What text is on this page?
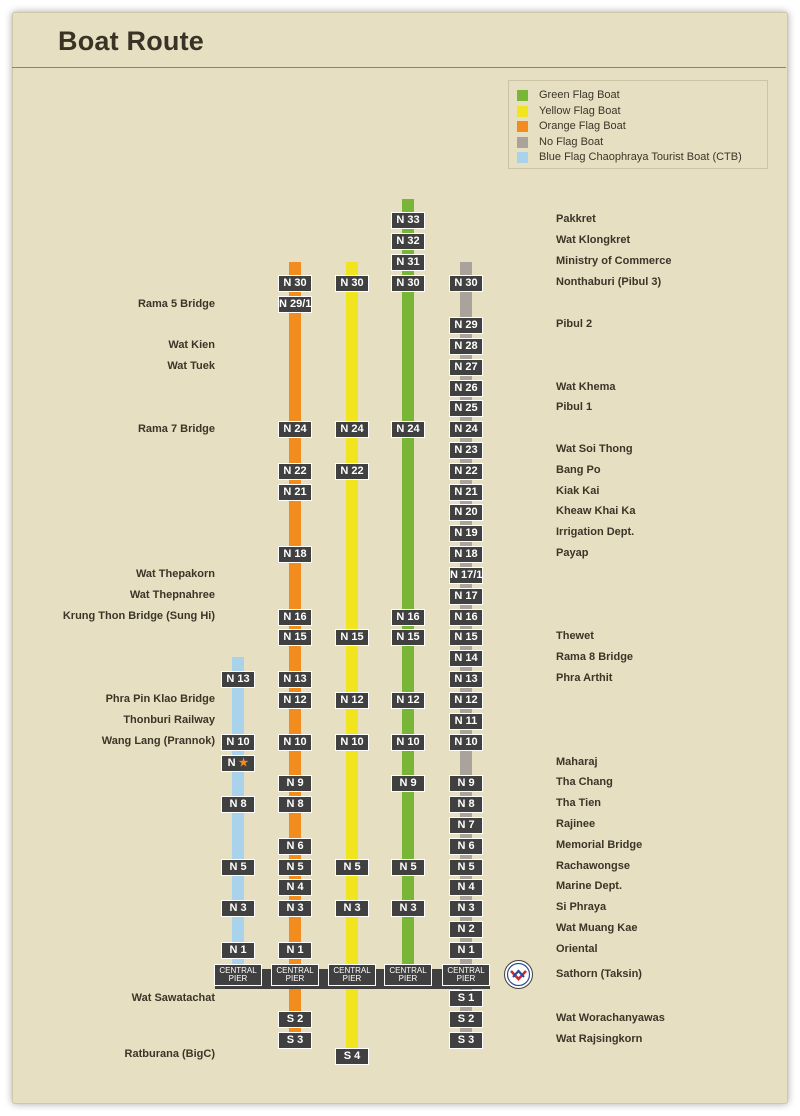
Boat Route
Green Flag Boat
Yellow Flag Boat
Orange Flag Boat
No Flag Boat
Blue Flag Chaophraya Tourist Boat (CTB)
N 13
N 10
N ★
N 8
N 5
N 3
N 1
CENTRAL
PIER
N 30
N 29/1
N 24
N 22
N 21
N 18
N 16
N 15
N 13
N 12
N 10
N 9
N 8
N 6
N 5
N 4
N 3
N 1
CENTRAL
PIER
S 2
S 3
N 30
N 24
N 22
N 15
N 12
N 10
N 5
N 3
CENTRAL
PIER
S 4
N 33
N 32
N 31
N 30
N 24
N 16
N 15
N 12
N 10
N 9
N 5
N 3
CENTRAL
PIER
N 30
N 29
N 28
N 27
N 26
N 25
N 24
N 23
N 22
N 21
N 20
N 19
N 18
N 17/1
N 17
N 16
N 15
N 14
N 13
N 12
N 11
N 10
N 9
N 8
N 7
N 6
N 5
N 4
N 3
N 2
N 1
CENTRAL
PIER
S 1
S 2
S 3
Rama 5 Bridge
Wat Kien
Wat Tuek
Rama 7 Bridge
Wat Thepakorn
Wat Thepnahree
Krung Thon Bridge (Sung Hi)
Phra Pin Klao Bridge
Thonburi Railway
Wang Lang (Prannok)
Wat Sawatachat
Ratburana (BigC)
Pakkret
Wat Klongkret
Ministry of Commerce
Nonthaburi (Pibul 3)
Pibul 2
Wat Khema
Pibul 1
Wat Soi Thong
Bang Po
Kiak Kai
Kheaw Khai Ka
Irrigation Dept.
Payap
Thewet
Rama 8 Bridge
Phra Arthit
Maharaj
Tha Chang
Tha Tien
Rajinee
Memorial Bridge
Rachawongse
Marine Dept.
Si Phraya
Wat Muang Kae
Oriental
Sathorn (Taksin)
Wat Worachanyawas
Wat Rajsingkorn
